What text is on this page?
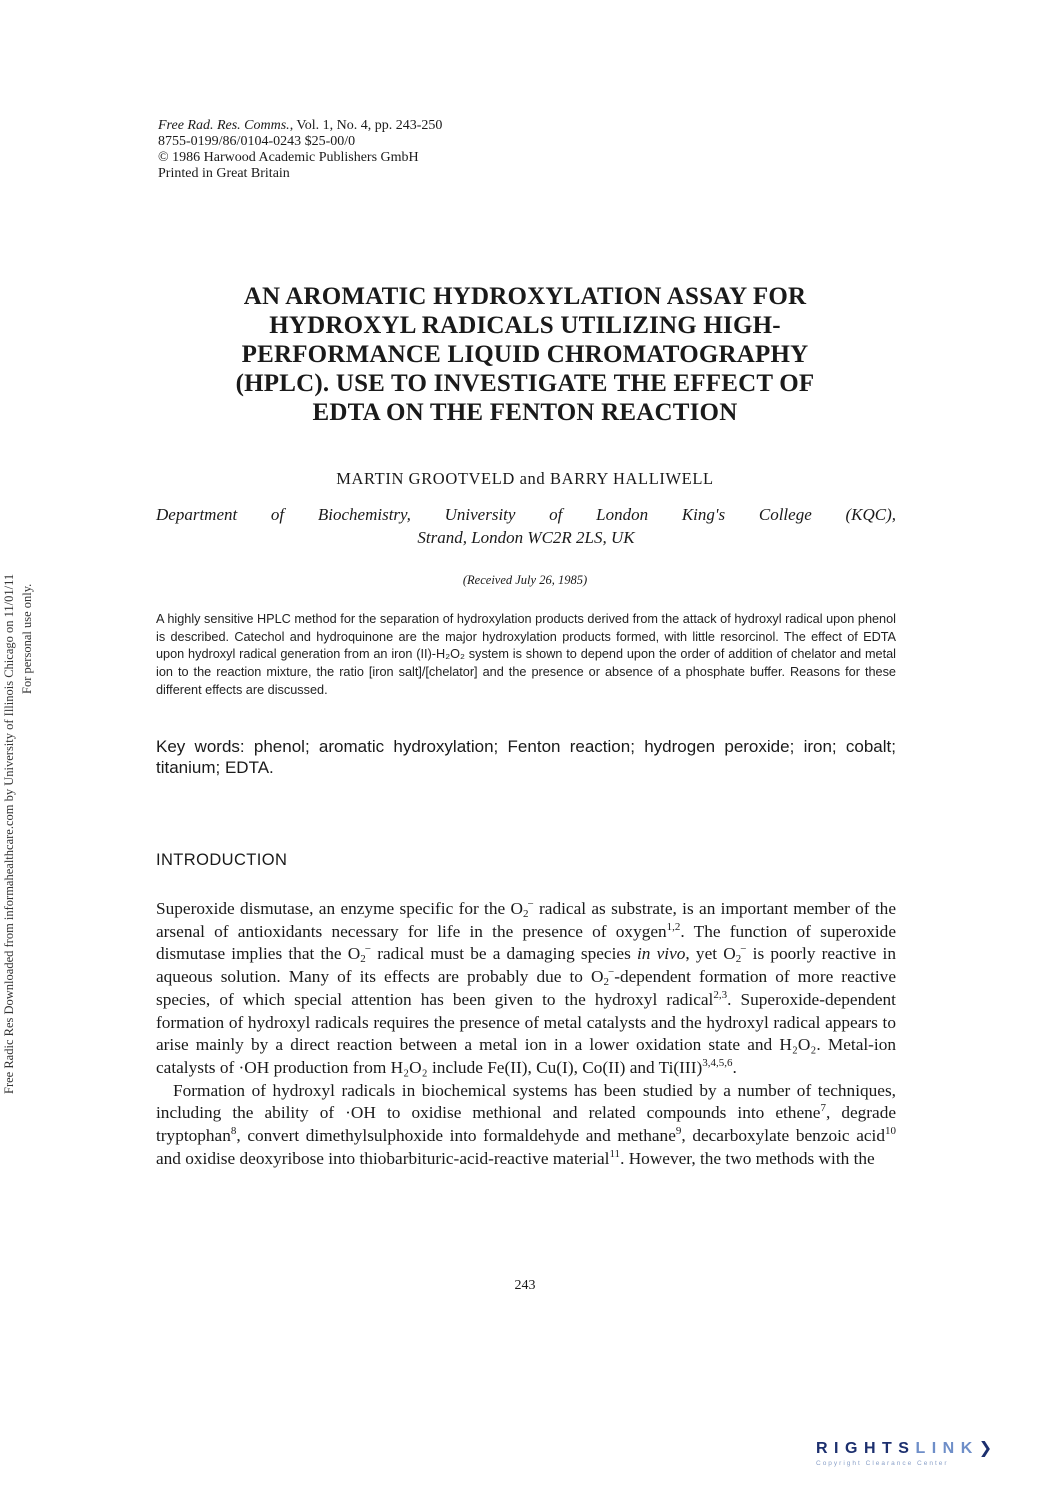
Free Radic Res Downloaded from informahealthcare.com by University of Illinois Chicago on 11/01/11 For personal use only.
Free Rad. Res. Comms., Vol. 1, No. 4, pp. 243-250
8755-0199/86/0104-0243 $25-00/0
© 1986 Harwood Academic Publishers GmbH
Printed in Great Britain
AN AROMATIC HYDROXYLATION ASSAY FOR
HYDROXYL RADICALS UTILIZING HIGH-
PERFORMANCE LIQUID CHROMATOGRAPHY
(HPLC). USE TO INVESTIGATE THE EFFECT OF
EDTA ON THE FENTON REACTION
MARTIN GROOTVELD and BARRY HALLIWELL
Department of Biochemistry, University of London King's College (KQC),
Strand, London WC2R 2LS, UK
(Received July 26, 1985)
A highly sensitive HPLC method for the separation of hydroxylation products derived from the attack of hydroxyl radical upon phenol is described. Catechol and hydroquinone are the major hydroxylation products formed, with little resorcinol. The effect of EDTA upon hydroxyl radical generation from an iron (II)-H₂O₂ system is shown to depend upon the order of addition of chelator and metal ion to the reaction mixture, the ratio [iron salt]/[chelator] and the presence or absence of a phosphate buffer. Reasons for these different effects are discussed.
Key words: phenol; aromatic hydroxylation; Fenton reaction; hydrogen peroxide; iron; cobalt; titanium; EDTA.
INTRODUCTION

Superoxide dismutase, an enzyme specific for the $O_2^-$ radical as substrate, is an important member of the arsenal of antioxidants necessary for life in the presence of oxygen$^{1,2}$. The function of superoxide dismutase implies that the $O_2^-$ radical must be a damaging species in vivo, yet $O_2^-$ is poorly reactive in aqueous solution. Many of its effects are probably due to $O_2^-$-dependent formation of more reactive species, of which special attention has been given to the hydroxyl radical$^{2,3}$. Superoxide-dependent formation of hydroxyl radicals requires the presence of metal catalysts and the hydroxyl radical appears to arise mainly by a direct reaction between a metal ion in a lower oxidation state and H₂O₂. Metal-ion catalysts of ·OH production from H₂O₂ include Fe(II), Cu(I), Co(II) and Ti(III)$^{3,4,5,6}$.

Formation of hydroxyl radicals in biochemical systems has been studied by a number of techniques, including the ability of ·OH to oxidise methional and related compounds into ethene$^7$, degrade tryptophan$^8$, convert dimethylsulphoxide into formaldehyde and methane$^9$, decarboxylate benzoic acid$^{10}$ and oxidise deoxyribose into thiobarbituric-acid-reactive material$^{11}$. However, the two methods with the

243
RIGHTSLINK❯
Copyright Clearance Center
